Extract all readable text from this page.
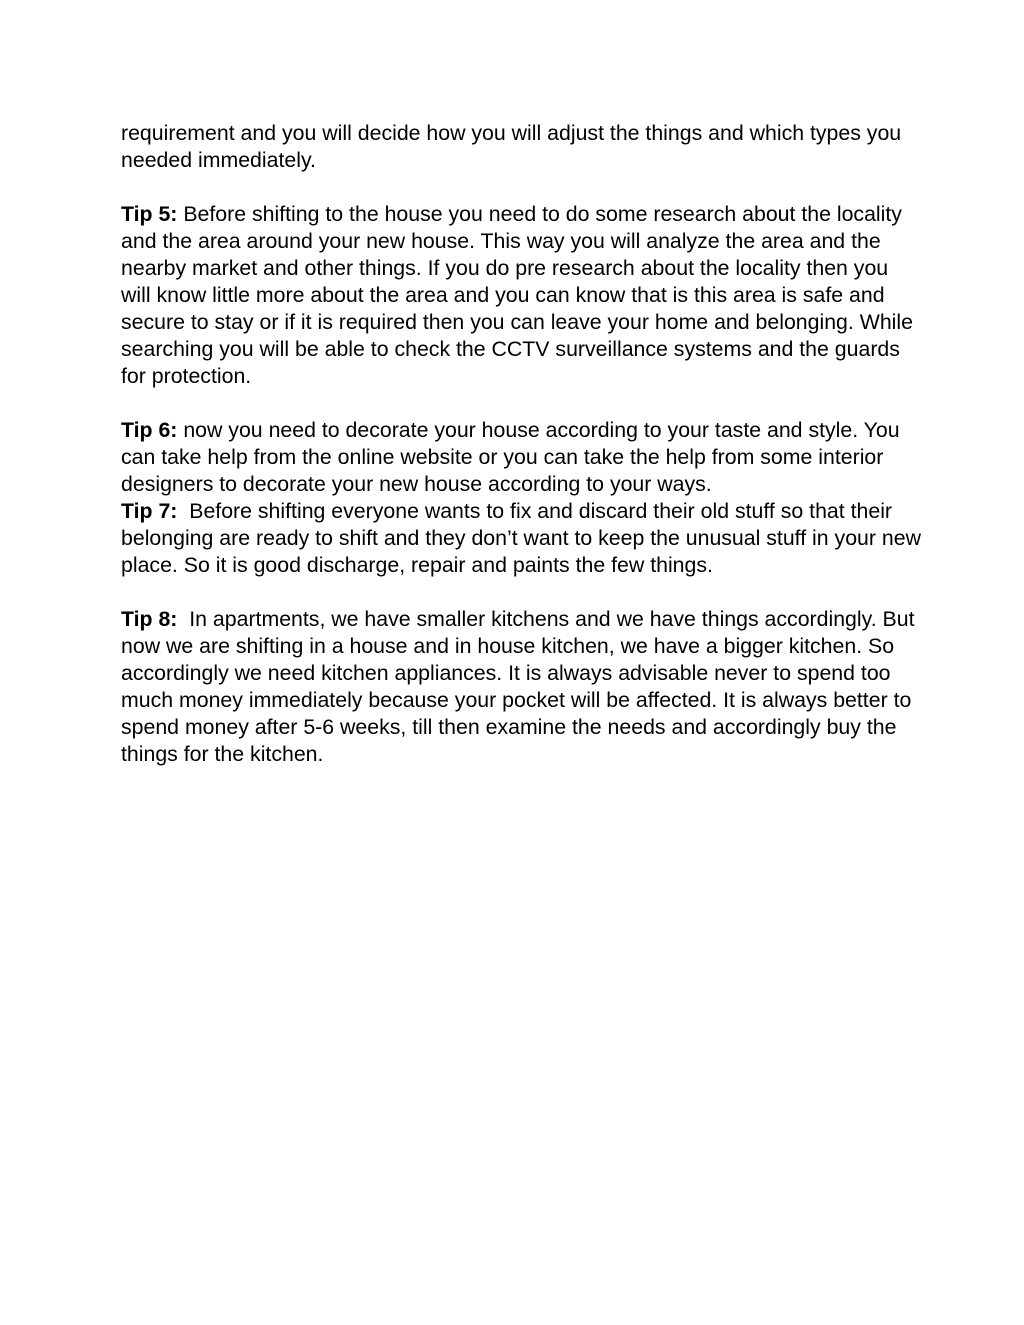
requirement and you will decide how you will adjust the things and which types you needed immediately.

Tip 5: Before shifting to the house you need to do some research about the locality and the area around your new house. This way you will analyze the area and the nearby market and other things. If you do pre research about the locality then you will know little more about the area and you can know that is this area is safe and secure to stay or if it is required then you can leave your home and belonging. While searching you will be able to check the CCTV surveillance systems and the guards for protection.

Tip 6: now you need to decorate your house according to your taste and style. You can take help from the online website or you can take the help from some interior designers to decorate your new house according to your ways.

Tip 7:  Before shifting everyone wants to fix and discard their old stuff so that their belonging are ready to shift and they don’t want to keep the unusual stuff in your new place. So it is good discharge, repair and paints the few things.

Tip 8:  In apartments, we have smaller kitchens and we have things accordingly. But now we are shifting in a house and in house kitchen, we have a bigger kitchen. So accordingly we need kitchen appliances. It is always advisable never to spend too much money immediately because your pocket will be affected. It is always better to spend money after 5-6 weeks, till then examine the needs and accordingly buy the things for the kitchen.
